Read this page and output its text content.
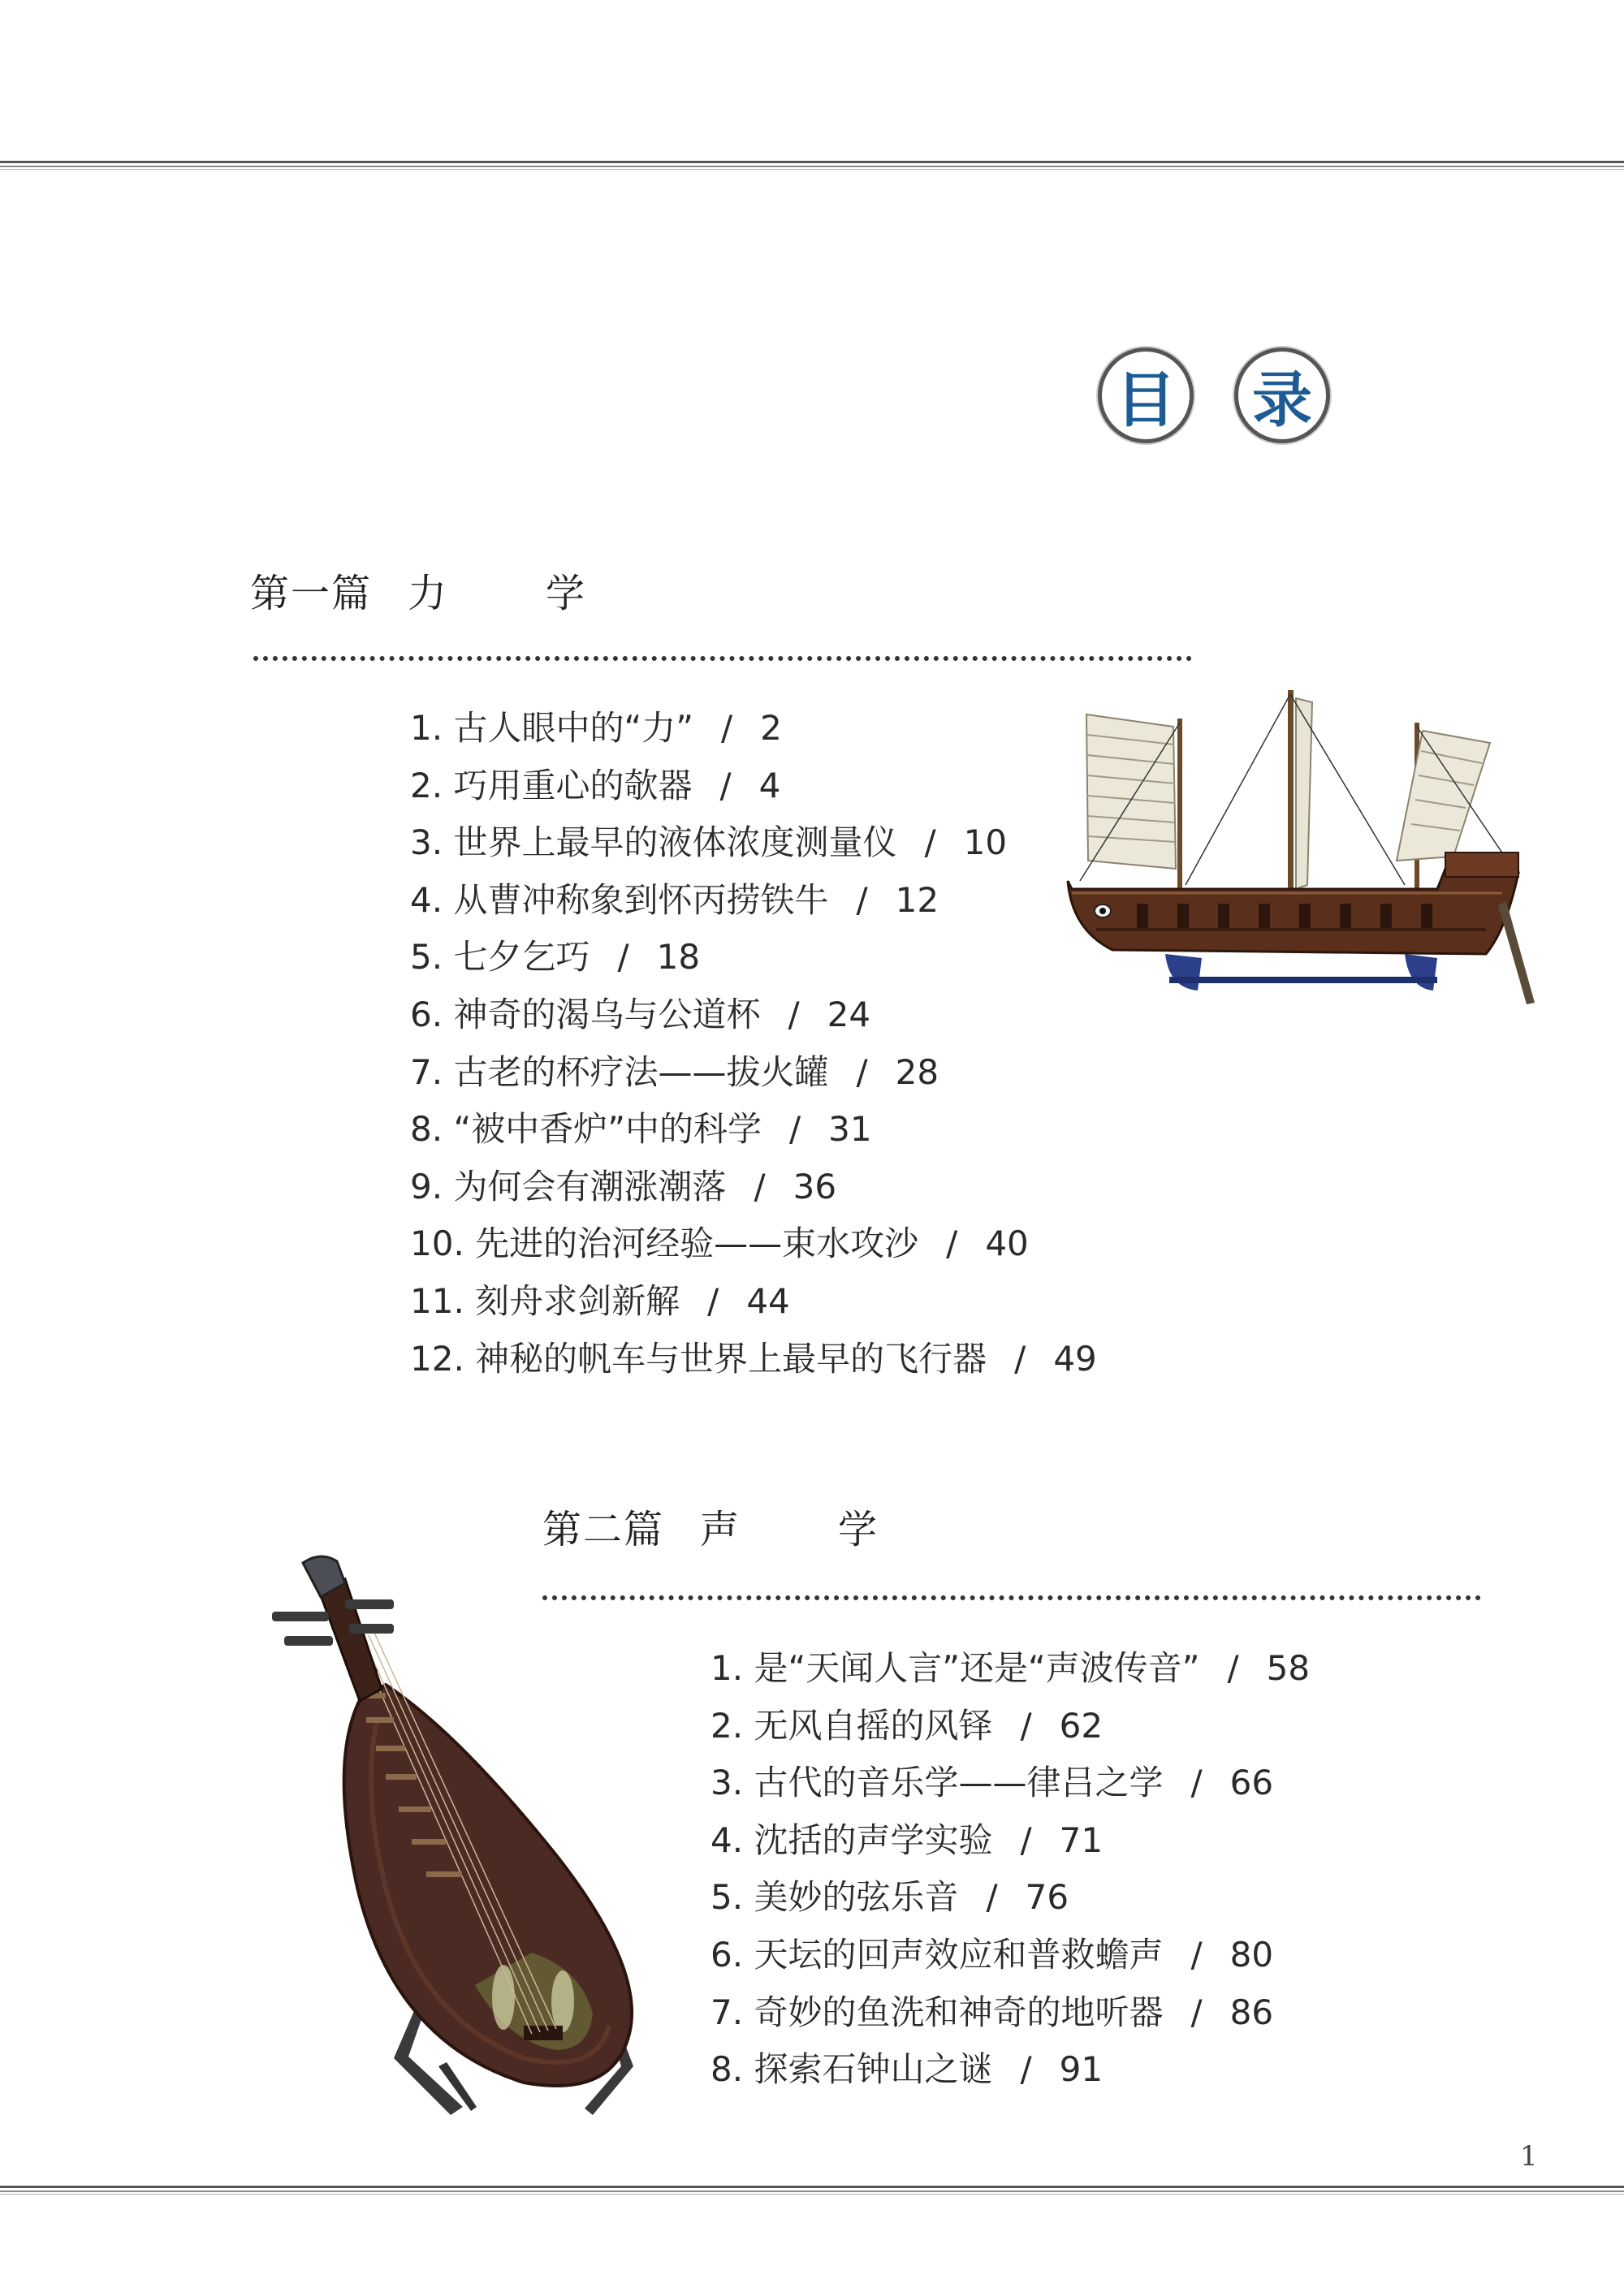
目 录
第一篇 力	学
1. 古人眼中的“力” / 2
2. 巧用重心的欹器 / 4
3. 世界上最早的液体浓度测量仪 / 10
4. 从曹冲称象到怀丙捞铁牛 / 12
5. 七夕乞巧 / 18
6. 神奇的渴乌与公道杯 / 24
7. 古老的杯疗法——拔火罐 / 28
8. “被中香炉”中的科学 / 31
9. 为何会有潮涨潮落 / 36
10. 先进的治河经验——束水攻沙 / 40
11. 刻舟求剑新解 / 44
12. 神秘的帆车与世界上最早的飞行器 / 49
第二篇 声	学
1. 是“天闻人言”还是“声波传音” / 58
2. 无风自摇的风铎 / 62
3. 古代的音乐学——律吕之学 / 66
4. 沈括的声学实验 / 71
5. 美妙的弦乐音 / 76
6. 天坛的回声效应和普救蟾声 / 80
7. 奇妙的鱼洗和神奇的地听器 / 86
8. 探索石钟山之谜 / 91
1
